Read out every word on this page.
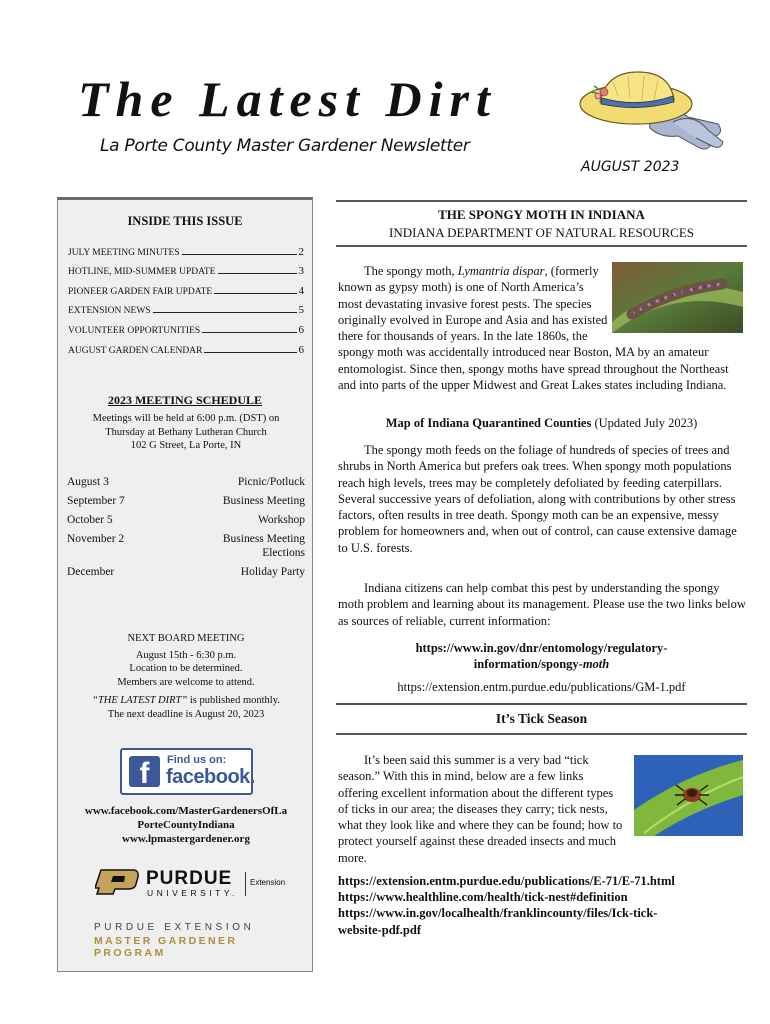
The Latest Dirt
La Porte County Master Gardener Newsletter
AUGUST 2023
INSIDE THIS ISSUE
JULY MEETING MINUTES	2
HOTLINE, MID-SUMMER UPDATE	3
PIONEER GARDEN FAIR UPDATE	4
EXTENSION NEWS	5
VOLUNTEER OPPORTUNITIES	6
AUGUST GARDEN CALENDAR	6
2023 MEETING SCHEDULE
Meetings will be held at 6:00 p.m. (DST) on
Thursday at Bethany Lutheran Church
102 G Street, La Porte, IN
August 3	Picnic/Potluck
September 7	Business Meeting
October 5	Workshop
November 2	Business Meeting
Elections
December	Holiday Party
NEXT BOARD MEETING
August 15th - 6:30 p.m.
Location to be determined.
Members are welcome to attend.
“THE LATEST DIRT” is published monthly.
The next deadline is August 20, 2023
f	Find us on:
facebook.
www.facebook.com/MasterGardenersOfLa
PorteCountyIndiana
www.lpmastergardener.org
PURDUE
UNIVERSITY.
Extension
PURDUE EXTENSION
MASTER GARDENER PROGRAM
THE SPONGY MOTH IN INDIANA
INDIANA DEPARTMENT OF NATURAL RESOURCES
The spongy moth, Lymantria dispar, (formerly known as gypsy moth) is one of North America’s most devastating invasive forest pests. The species originally evolved in Europe and Asia and has existed there for thousands of years. In the late 1860s, the spongy moth was accidentally introduced near Boston, MA by an amateur entomologist. Since then, spongy moths have spread throughout the Northeast and into parts of the upper Midwest and Great Lakes states including Indiana.
Map of Indiana Quarantined Counties (Updated July 2023)
The spongy moth feeds on the foliage of hundreds of species of trees and shrubs in North America but prefers oak trees. When spongy moth populations reach high levels, trees may be completely defoliated by feeding caterpillars. Several successive years of defoliation, along with contributions by other stress factors, often results in tree death. Spongy moth can be an expensive, messy problem for homeowners and, when out of control, can cause extensive damage to U.S. forests.
Indiana citizens can help combat this pest by understanding the spongy moth problem and learning about its management. Please use the two links below as sources of reliable, current information:
https://www.in.gov/dnr/entomology/regulatory-
information/spongy-moth
https://extension.entm.purdue.edu/publications/GM-1.pdf
It’s Tick Season
It’s been said this summer is a very bad “tick season.” With this in mind, below are a few links offering excellent information about the different types of ticks in our area; the diseases they carry; tick nests, what they look like and where they can be found; how to protect yourself against these dreaded insects and much more.
https://extension.entm.purdue.edu/publications/E-71/E-71.html
https://www.healthline.com/health/tick-nest#definition
https://www.in.gov/localhealth/franklincounty/files/Ick-tick-
website-pdf.pdf
